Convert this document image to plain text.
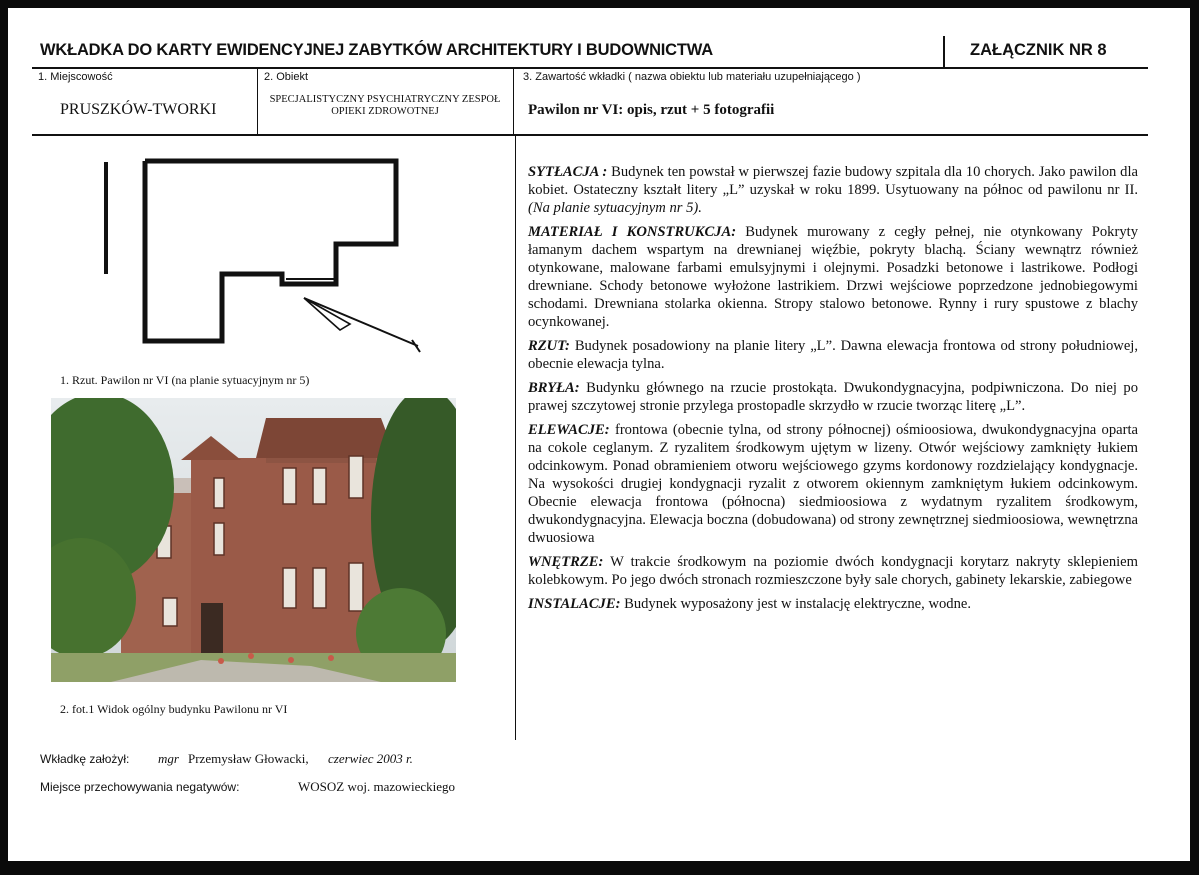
WKŁADKA DO KARTY EWIDENCYJNEJ ZABYTKÓW ARCHITEKTURY I BUDOWNICTWA	ZAŁĄCZNIK NR 8
1. Miejscowość
PRUSZKÓW-TWORKI
2. Obiekt
SPECJALISTYCZNY PSYCHIATRYCZNY ZESPÓŁ OPIEKI ZDROWOTNEJ
3. Zawartość wkładki ( nazwa obiektu lub materiału uzupełniającego )
Pawilon nr VI: opis, rzut + 5 fotografii
1. Rzut. Pawilon nr VI (na planie sytuacyjnym nr 5)
2. fot.1 Widok ogólny budynku Pawilonu nr VI

SYTŁACJA : Budynek ten powstał w pierwszej fazie budowy szpitala dla 10 chorych. Jako pawilon dla kobiet. Ostateczny kształt litery „L” uzyskał w roku 1899. Usytuowany na północ od pawilonu nr II. (Na planie sytuacyjnym nr 5).

MATERIAŁ I KONSTRUKCJA: Budynek murowany z cegły pełnej, nie otynkowany Pokryty łamanym dachem wspartym na drewnianej więźbie, pokryty blachą. Ściany wewnątrz również otynkowane, malowane farbami emulsyjnymi i olejnymi. Posadzki betonowe i lastrikowe. Podłogi drewniane. Schody betonowe wyłożone lastrikiem. Drzwi wejściowe poprzedzone jednobiegowymi schodami. Drewniana stolarka okienna. Stropy stalowo betonowe. Rynny i rury spustowe z blachy ocynkowanej.

RZUT: Budynek posadowiony na planie litery „L”. Dawna elewacja frontowa od strony południowej, obecnie elewacja tylna.

BRYŁA: Budynku głównego na rzucie prostokąta. Dwukondygnacyjna, podpiwniczona. Do niej po prawej szczytowej stronie przylega prostopadle skrzydło w rzucie tworząc literę „L”.

ELEWACJE: frontowa (obecnie tylna, od strony północnej) ośmioosiowa, dwukondygnacyjna oparta na cokole ceglanym. Z ryzalitem środkowym ujętym w lizeny. Otwór wejściowy zamknięty łukiem odcinkowym. Ponad obramieniem otworu wejściowego gzyms kordonowy rozdzielający kondygnacje. Na wysokości drugiej kondygnacji ryzalit z otworem okiennym zamkniętym łukiem odcinkowym. Obecnie elewacja frontowa (północna) siedmioosiowa z wydatnym ryzalitem środkowym, dwukondygnacyjna. Elewacja boczna (dobudowana) od strony zewnętrznej siedmioosiowa, wewnętrzna dwuosiowa

WNĘTRZE: W trakcie środkowym na poziomie dwóch kondygnacji korytarz nakryty sklepieniem kolebkowym. Po jego dwóch stronach rozmieszczone były sale chorych, gabinety lekarskie, zabiegowe

INSTALACJE: Budynek wyposażony jest w instalację elektryczne, wodne.

Wkładkę założył: mgr Przemysław Głowacki, czerwiec 2003 r.
Miejsce przechowywania negatywów:	WOSOZ woj. mazowieckiego
